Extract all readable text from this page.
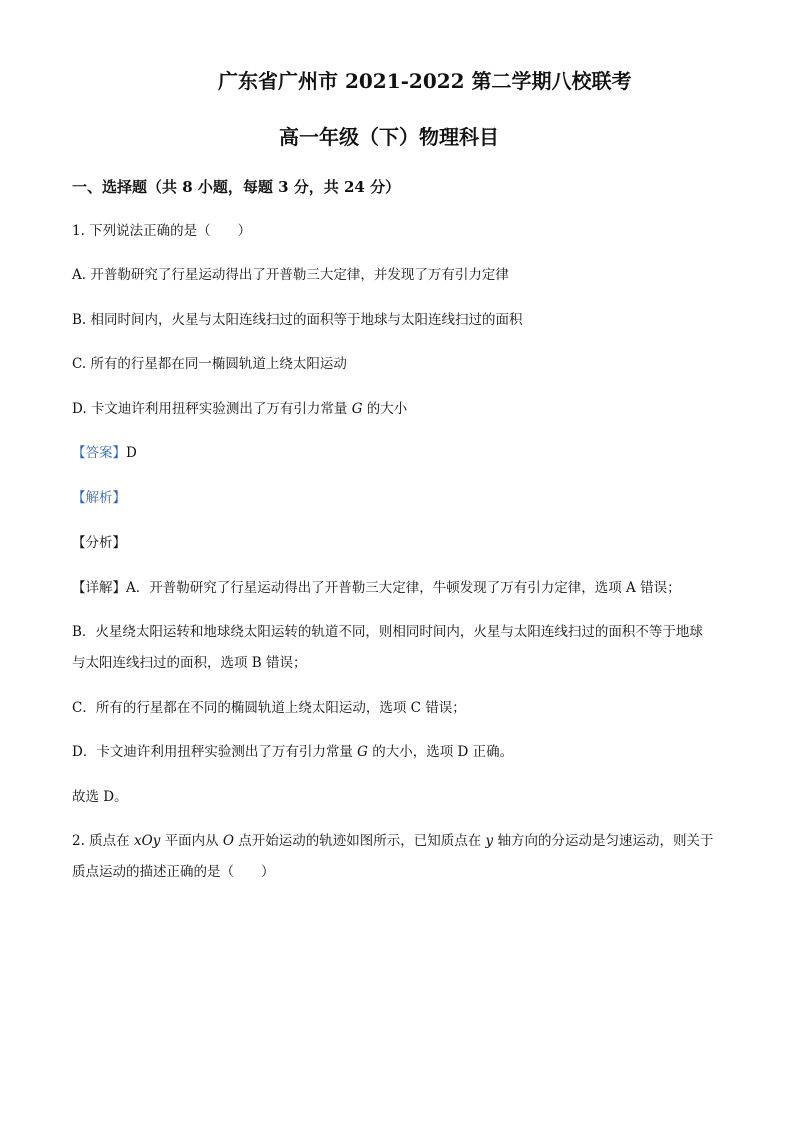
广东省广州市 2021-2022 第二学期八校联考
高一年级（下）物理科目
一、选择题（共 8 小题，每题 3 分，共 24 分）
1. 下列说法正确的是（　　）
A. 开普勒研究了行星运动得出了开普勒三大定律，并发现了万有引力定律
B. 相同时间内，火星与太阳连线扫过的面积等于地球与太阳连线扫过的面积
C. 所有的行星都在同一椭圆轨道上绕太阳运动
D. 卡文迪许利用扭秤实验测出了万有引力常量 G 的大小
【答案】D
【解析】
【分析】
【详解】A．开普勒研究了行星运动得出了开普勒三大定律，牛顿发现了万有引力定律，选项 A 错误；
B．火星绕太阳运转和地球绕太阳运转的轨道不同，则相同时间内，火星与太阳连线扫过的面积不等于地球
与太阳连线扫过的面积，选项 B 错误；
C．所有的行星都在不同的椭圆轨道上绕太阳运动，选项 C 错误；
D．卡文迪许利用扭秤实验测出了万有引力常量 G 的大小，选项 D 正确。
故选 D。
2. 质点在 xOy 平面内从 O 点开始运动的轨迹如图所示，已知质点在 y 轴方向的分运动是匀速运动，则关于
质点运动的描述正确的是（　　）
